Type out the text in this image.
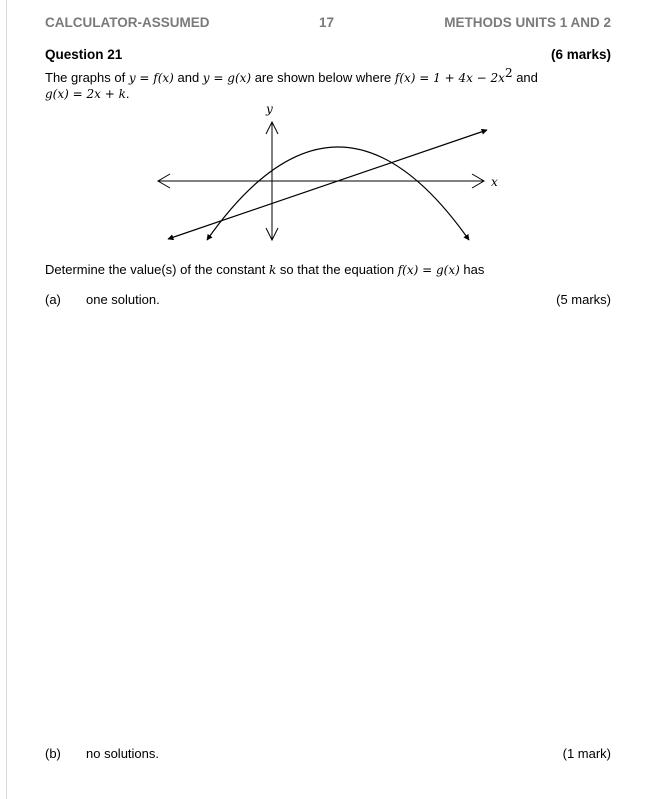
CALCULATOR-ASSUMED	17	METHODS UNITS 1 AND 2
Question 21	(6 marks)
The graphs of y = f(x) and y = g(x) are shown below where $f(x) = 1 + 4x - 2x^2$ and
g(x) = 2x + k.
x
y
Determine the value(s) of the constant k so that the equation f(x) = g(x) has
(a) one solution.	(5 marks)
(b) no solutions.	(1 mark)
